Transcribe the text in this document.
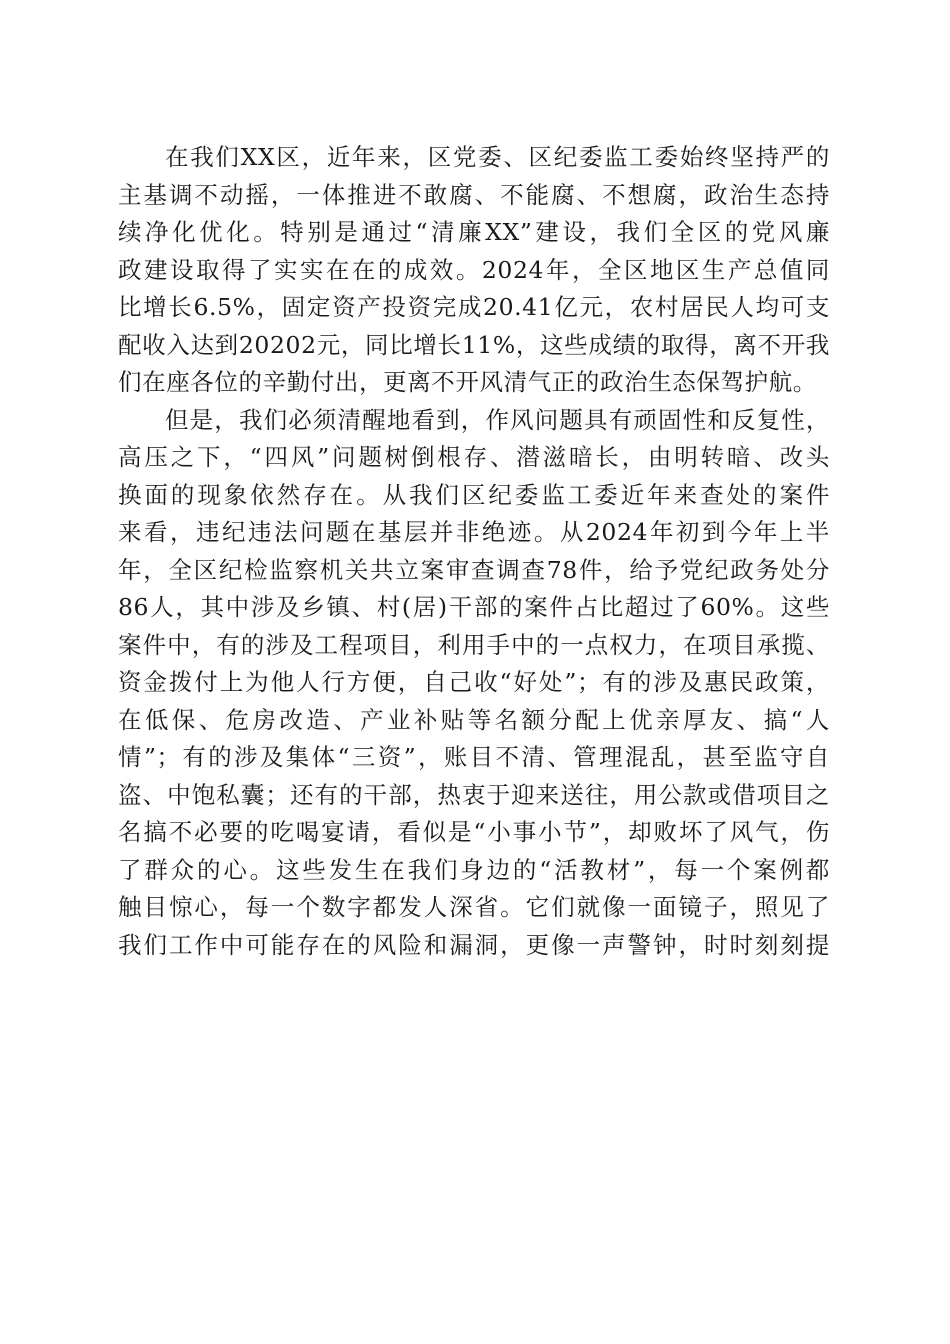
在我们XX区，近年来，区党委、区纪委监工委始终坚持严的
主基调不动摇，一体推进不敢腐、不能腐、不想腐，政治生态持
续净化优化。特别是通过“清廉XX”建设，我们全区的党风廉
政建设取得了实实在在的成效。2024年，全区地区生产总值同
比增长6.5%，固定资产投资完成20.41亿元，农村居民人均可支
配收入达到20202元，同比增长11%，这些成绩的取得，离不开我
们在座各位的辛勤付出，更离不开风清气正的政治生态保驾护航。
但是，我们必须清醒地看到，作风问题具有顽固性和反复性，
高压之下，“四风”问题树倒根存、潜滋暗长，由明转暗、改头
换面的现象依然存在。从我们区纪委监工委近年来查处的案件
来看，违纪违法问题在基层并非绝迹。从2024年初到今年上半
年，全区纪检监察机关共立案审查调查78件，给予党纪政务处分
86人，其中涉及乡镇、村(居)干部的案件占比超过了60%。这些
案件中，有的涉及工程项目，利用手中的一点权力，在项目承揽、
资金拨付上为他人行方便，自己收“好处”；有的涉及惠民政策，
在低保、危房改造、产业补贴等名额分配上优亲厚友、搞“人
情”；有的涉及集体“三资”，账目不清、管理混乱，甚至监守自
盗、中饱私囊；还有的干部，热衷于迎来送往，用公款或借项目之
名搞不必要的吃喝宴请，看似是“小事小节”，却败坏了风气，伤
了群众的心。这些发生在我们身边的“活教材”，每一个案例都
触目惊心，每一个数字都发人深省。它们就像一面镜子，照见了
我们工作中可能存在的风险和漏洞，更像一声警钟，时时刻刻提
